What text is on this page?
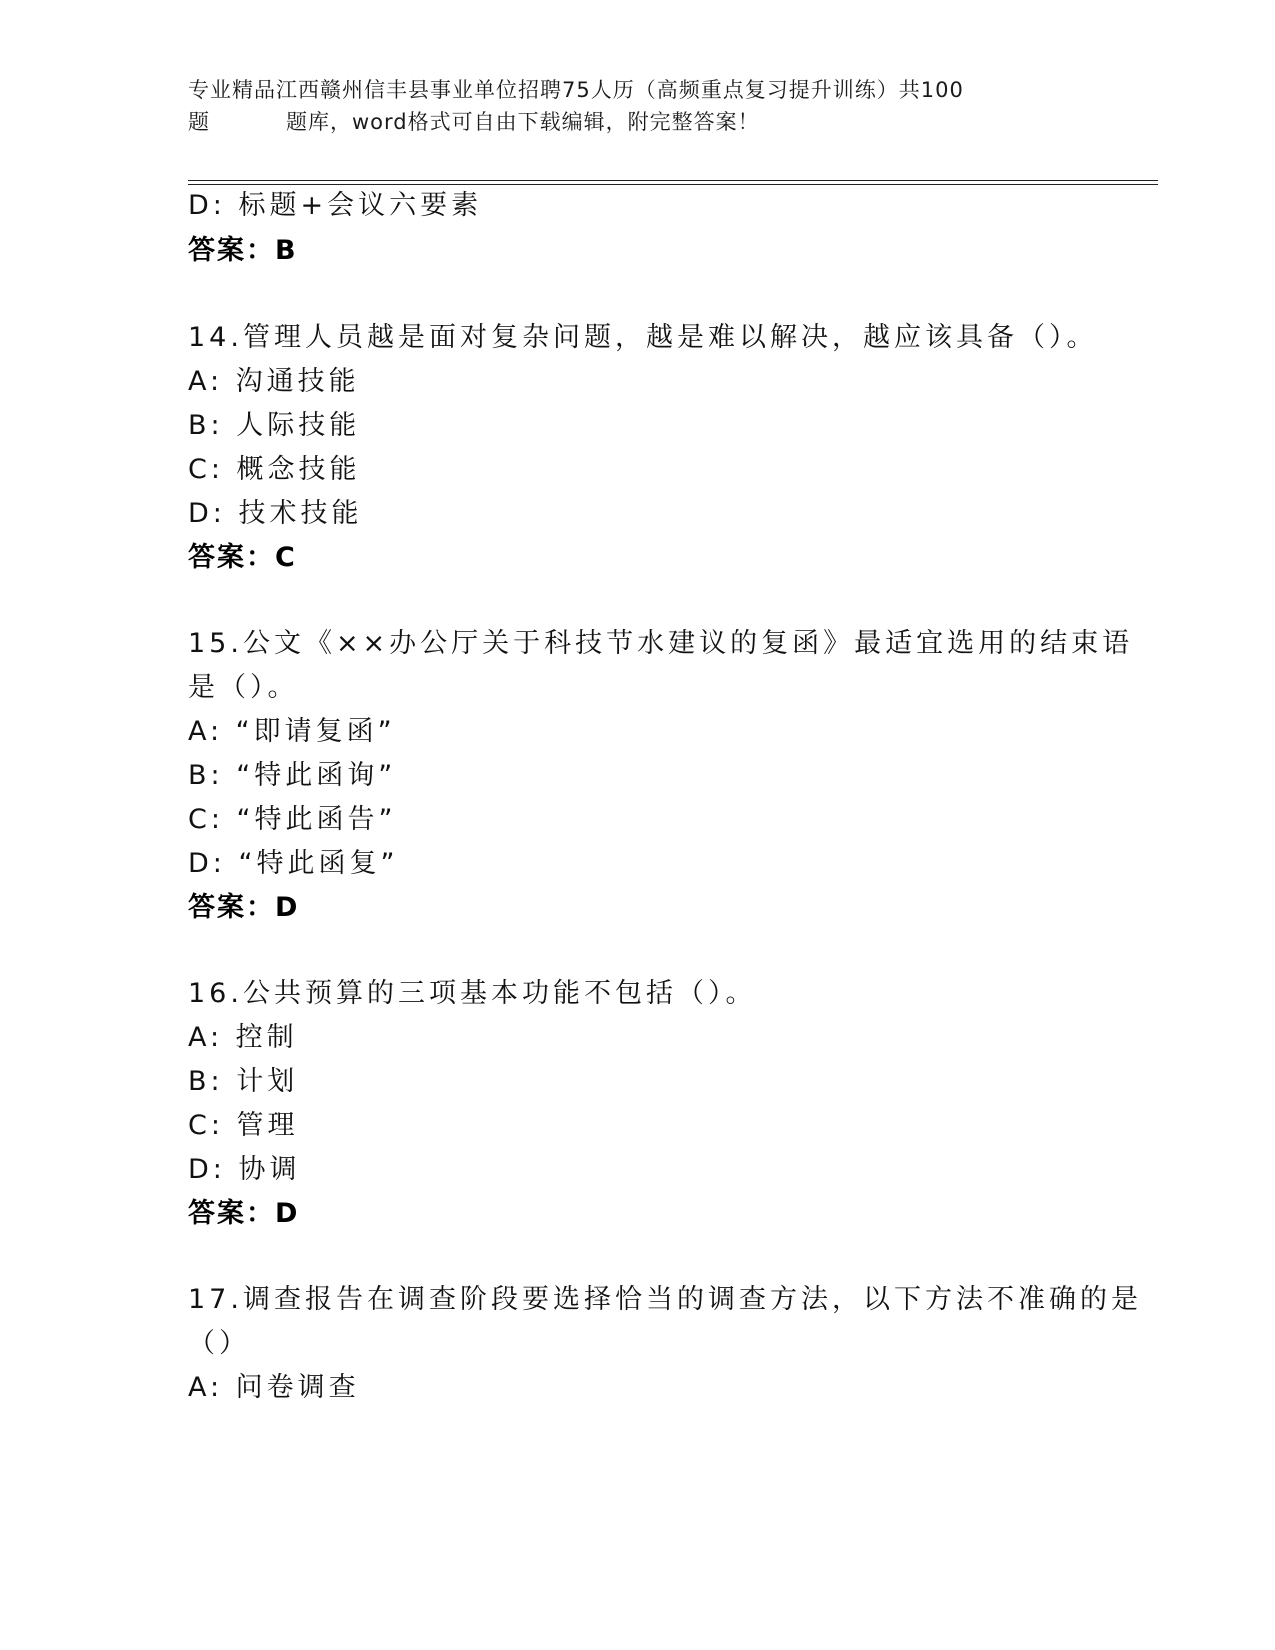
专业精品江西赣州信丰县事业单位招聘75人历（高频重点复习提升训练）共100
题	题库，word格式可自由下载编辑，附完整答案！
D: 标题+会议六要素
答案：B
14.管理人员越是面对复杂问题，越是难以解决，越应该具备（）。
A: 沟通技能
B: 人际技能
C: 概念技能
D: 技术技能
答案：C
15.公文《××办公厅关于科技节水建议的复函》最适宜选用的结束语
是（）。
A: “即请复函”
B: “特此函询”
C: “特此函告”
D: “特此函复”
答案：D
16.公共预算的三项基本功能不包括（）。
A: 控制
B: 计划
C: 管理
D: 协调
答案：D
17.调查报告在调查阶段要选择恰当的调查方法，以下方法不准确的是
（）
A: 问卷调查
